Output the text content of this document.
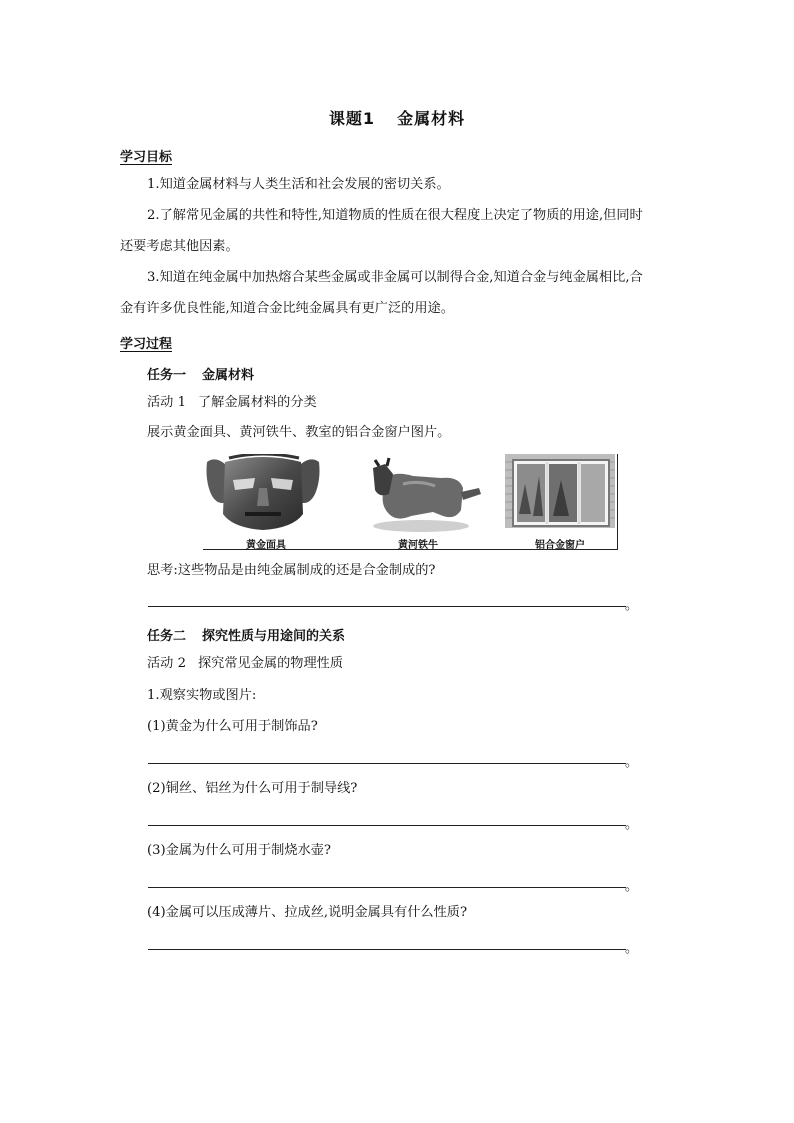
课题1 金属材料
学习目标
1.知道金属材料与人类生活和社会发展的密切关系。
2.了解常见金属的共性和特性,知道物质的性质在很大程度上决定了物质的用途,但同时
还要考虑其他因素。
3.知道在纯金属中加热熔合某些金属或非金属可以制得合金,知道合金与纯金属相比,合
金有许多优良性能,知道合金比纯金属具有更广泛的用途。
学习过程
任务一 金属材料
活动 1 了解金属材料的分类
展示黄金面具、黄河铁牛、教室的铝合金窗户图片。
黄金面具	黄河铁牛	铝合金窗户
思考:这些物品是由纯金属制成的还是合金制成的?
。
任务二 探究性质与用途间的关系
活动 2 探究常见金属的物理性质
1.观察实物或图片:
(1)黄金为什么可用于制饰品?
。
(2)铜丝、铝丝为什么可用于制导线?
。
(3)金属为什么可用于制烧水壶?
。
(4)金属可以压成薄片、拉成丝,说明金属具有什么性质?
。
